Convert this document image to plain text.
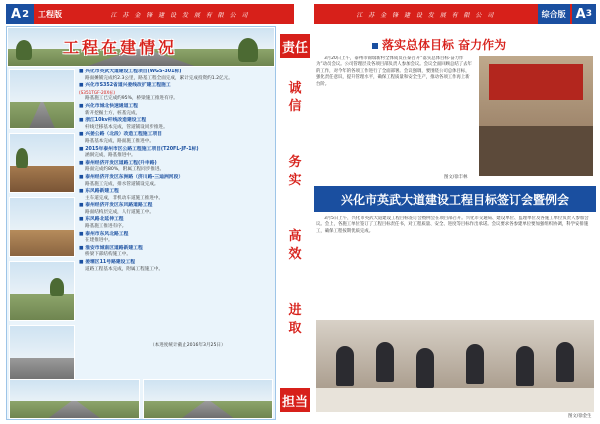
A 2	工程版	江 苏 金 锋 建 设 发 展 有 限 公 司	江 苏 金 锋 建 设 发 展 有 限 公 司	综合版 A 3
工程在建情况
■ 兴化市英武大道建设工程项目(WGS-301标)
路面摊铺完成约2.3公里，路基工程全面完成，累计完成投资约1.2亿元。
■ 兴化市S352省道兴姜线改扩建工程施工
(S351TGF-20X标)
路基施工已完成约95%，桥梁施工推进有序。
■ 兴化市城北快速通道工程
新开挖掘土方，桩基完成，
■ 浙江10kv杆线改造建设工程
杆线迁移基本完成，管道铺设同步推进。
■ 兴姜公路（北段）改造工程施工项目
路基基本完成，路面施工推进中。
■ 2015年泰州市区公路工程施工项目(T20FL-JF-1标)
涵洞完成，路基推进中。
■ 泰州经济开发区道路工程(升申路)
路面完成约80%，附属工程同步推进。
■ 泰州经济开发区东洲路（济川路-三迪洲河段）
路基施工完成，排水管道铺设完成。
■ 东风路新建工程
主车道完成，非机动车道施工推进中。
■ 泰州经济开发区东风路道路工程
路面结构层完成，人行道施工中。
■ 东风路北延伸工程
路基施工推进有序。
■ 泰州市东风北路工程
在建推进中。
■ 淮安市城南区道路新建工程
桥梁下部结构施工中。
■ 姜堰区11号路建设工程
道路工程基本完成，附属工程施工中。
（本进度统计截止2016年3月25日）
责任
诚
信
务
实
高
效
进
取
担当
落实总体目标 奋力作为
3月20日上午，泰州市锦瑞新村全体成员在泰召开“落实总体目标·奋力作为”动员会议。公司管理层及各项目部负责人参加会议。会议全面回顾总结了去年的工作，对今年的各项工作进行了全面部署。会议强调，要围绕公司总体目标，强化责任意识，提升管理水平，确保工程质量和安全生产，推动各项工作再上新台阶。
图文/徐丰林
兴化市英武大道建设工程目标签订会暨例会
3月5日上午，兴化市英武大道建设工程目标签订会暨例会在项目部召开。兴化市交通局、建设单位、监理单位及各施工单位负责人参加会议。会上，各施工单位签订了工程目标责任书，对工程质量、安全、进度等目标作出承诺。会议要求各参建单位要加强组织协调，科学安排施工，确保工程按期优质完成。
图文/徐金生
